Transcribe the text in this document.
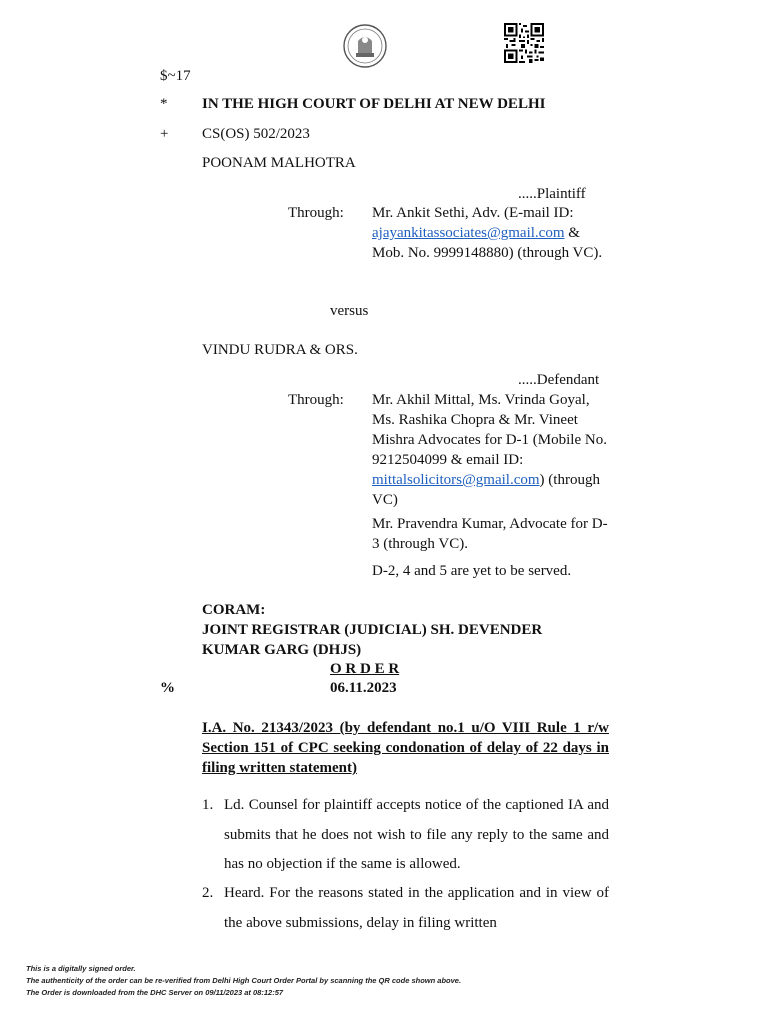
$~17
* IN THE HIGH COURT OF DELHI AT NEW DELHI
+ CS(OS) 502/2023
POONAM MALHOTRA
.....Plaintiff
Through: Mr. Ankit Sethi, Adv. (E-mail ID: ajayankitassociates@gmail.com & Mob. No. 9999148880) (through VC).
versus
VINDU RUDRA & ORS.
.....Defendant
Through: Mr. Akhil Mittal, Ms. Vrinda Goyal, Ms. Rashika Chopra & Mr. Vineet Mishra Advocates for D-1 (Mobile No. 9212504099 & email ID: mittalsolicitors@gmail.com) (through VC)
Mr. Pravendra Kumar, Advocate for D-3 (through VC).
D-2, 4 and 5 are yet to be served.
CORAM:
JOINT REGISTRAR (JUDICIAL) SH. DEVENDER
KUMAR GARG (DHJS)
O R D E R
%	06.11.2023
I.A. No. 21343/2023 (by defendant no.1 u/O VIII Rule 1 r/w Section 151 of CPC seeking condonation of delay of 22 days in filing written statement)
1. Ld. Counsel for plaintiff accepts notice of the captioned IA and submits that he does not wish to file any reply to the same and has no objection if the same is allowed.
2. Heard. For the reasons stated in the application and in view of the above submissions, delay in filing written
This is a digitally signed order.
The authenticity of the order can be re-verified from Delhi High Court Order Portal by scanning the QR code shown above.
The Order is downloaded from the DHC Server on 09/11/2023 at 08:12:57
